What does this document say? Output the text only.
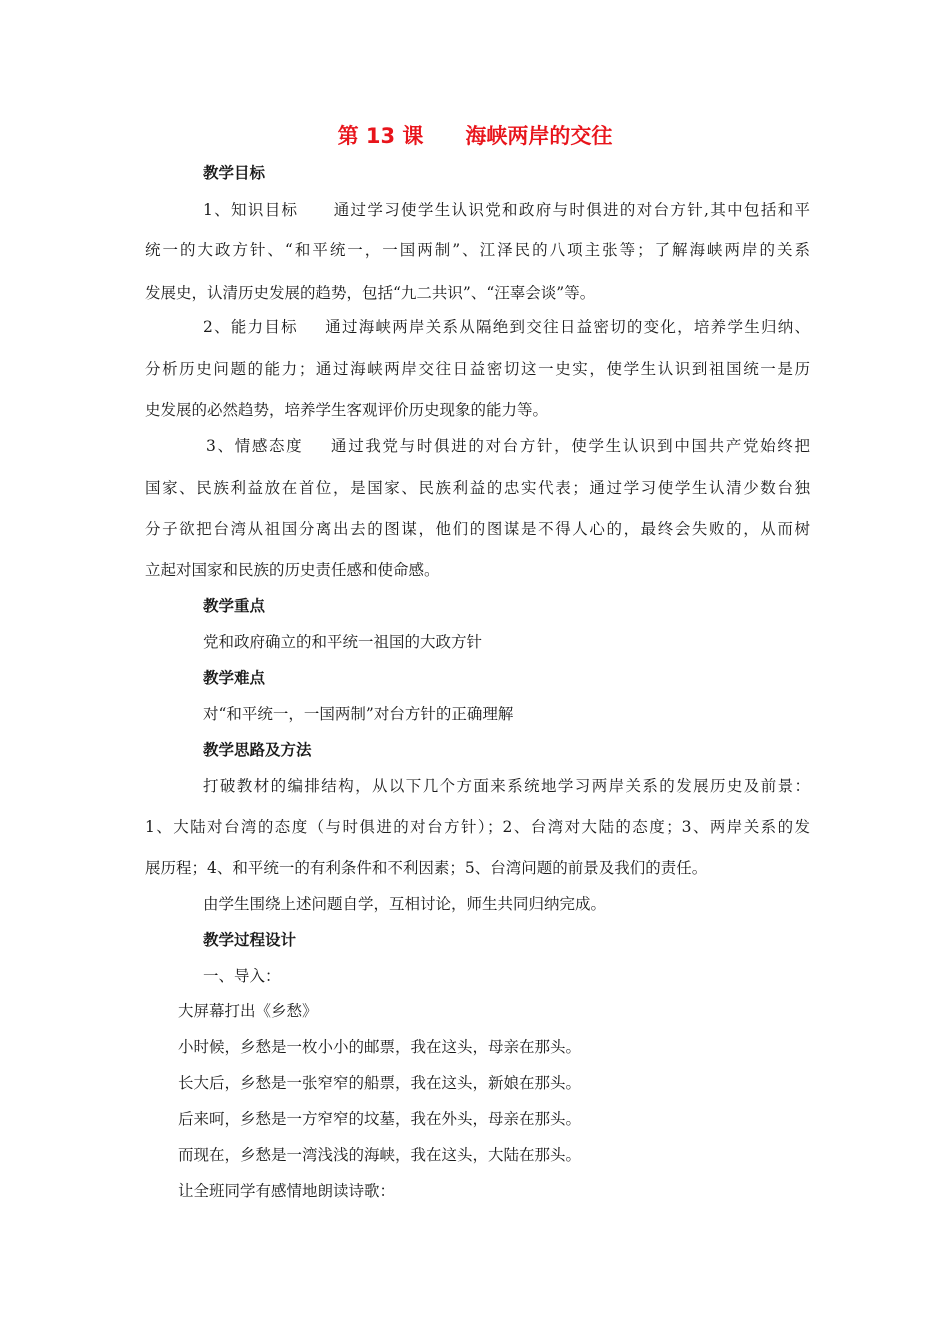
第 13 课　　海峡两岸的交往
教学目标
1、知识目标 通过学习使学生认识党和政府与时俱进的对台方针,其中包括和平
统一的大政方针、“和平统一，一国两制”、江泽民的八项主张等；了解海峡两岸的关系
发展史，认清历史发展的趋势，包括“九二共识”、“汪辜会谈”等。
2、能力目标 通过海峡两岸关系从隔绝到交往日益密切的变化，培养学生归纳、
分析历史问题的能力；通过海峡两岸交往日益密切这一史实，使学生认识到祖国统一是历
史发展的必然趋势，培养学生客观评价历史现象的能力等。
3、情感态度 通过我党与时俱进的对台方针，使学生认识到中国共产党始终把
国家、民族利益放在首位，是国家、民族利益的忠实代表；通过学习使学生认清少数台独
分子欲把台湾从祖国分离出去的图谋，他们的图谋是不得人心的，最终会失败的，从而树
立起对国家和民族的历史责任感和使命感。
教学重点
党和政府确立的和平统一祖国的大政方针
教学难点
对“和平统一，一国两制”对台方针的正确理解
教学思路及方法
打破教材的编排结构，从以下几个方面来系统地学习两岸关系的发展历史及前景：
1、大陆对台湾的态度（与时俱进的对台方针）；2、台湾对大陆的态度；3、两岸关系的发
展历程；4、和平统一的有利条件和不利因素；5、台湾问题的前景及我们的责任。
由学生围绕上述问题自学，互相讨论，师生共同归纳完成。
教学过程设计
一、导入：
大屏幕打出《乡愁》
小时候，乡愁是一枚小小的邮票，我在这头，母亲在那头。
长大后，乡愁是一张窄窄的船票，我在这头，新娘在那头。
后来呵，乡愁是一方窄窄的坟墓，我在外头，母亲在那头。
而现在，乡愁是一湾浅浅的海峡，我在这头，大陆在那头。
让全班同学有感情地朗读诗歌：
